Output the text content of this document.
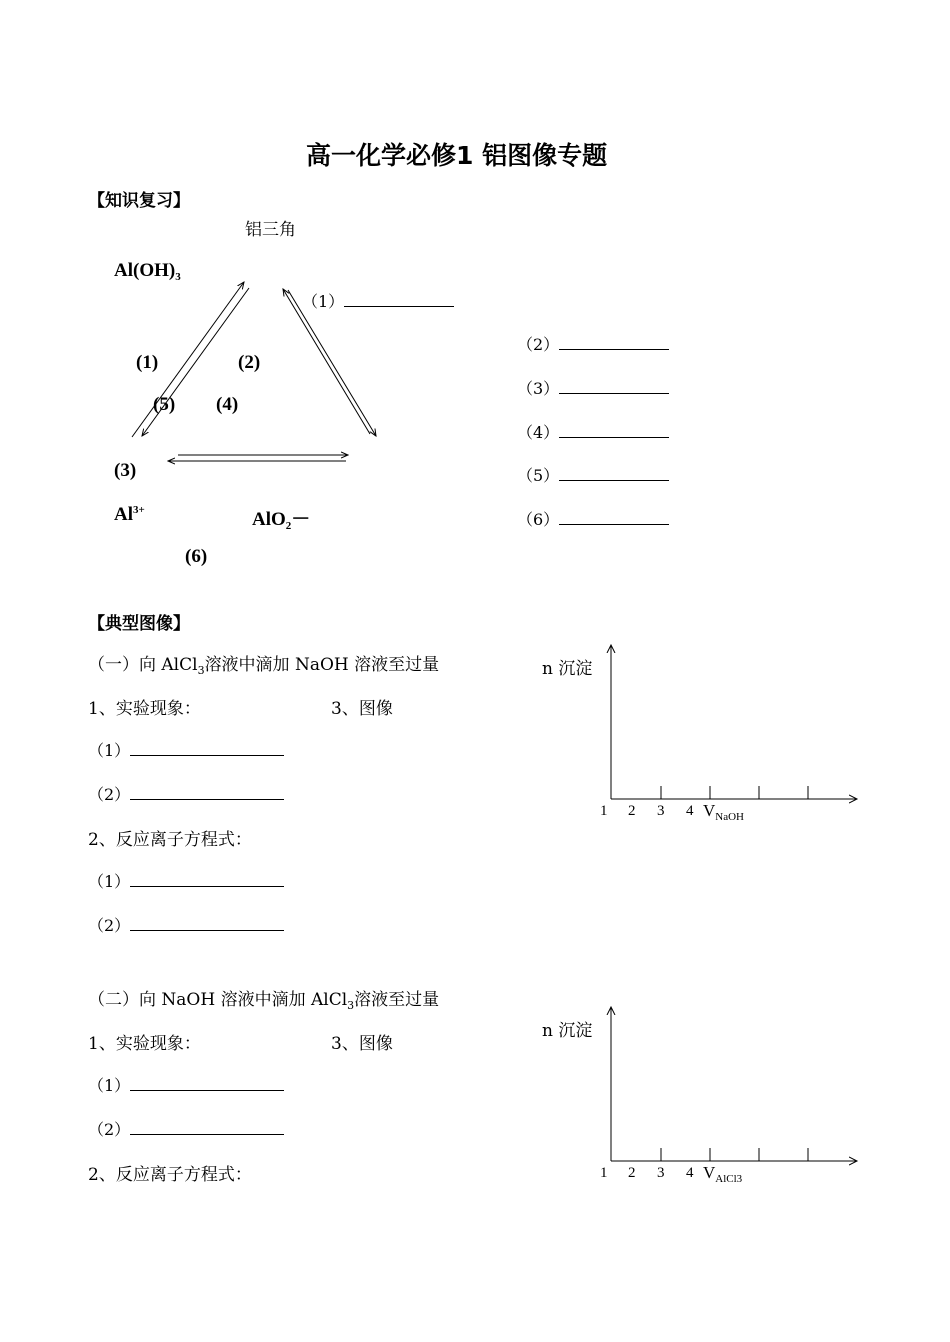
高一化学必修1 铝图像专题
【知识复习】
铝三角
$Al(OH)_3$
$Al^{3+}$	AlO$_2$－
(1)	(2)
(5) (4)
(3)
(6)
（1）
（2）
（3）
（4）
（5）
（6）
【典型图像】
（一）向 AlCl$_3$溶液中滴加 NaOH 溶液至过量
1、实验现象：	3、图像
（1）
（2）
2、反应离子方程式：
（1）
（2）
n 沉淀
1 2 3 4 $V_{NaOH}$
（二）向 NaOH 溶液中滴加 AlCl$_3$溶液至过量
1、实验现象：	3、图像
（1）
（2）
2、反应离子方程式：
n 沉淀
1 2 3 4 $V_{AlCl3}$
